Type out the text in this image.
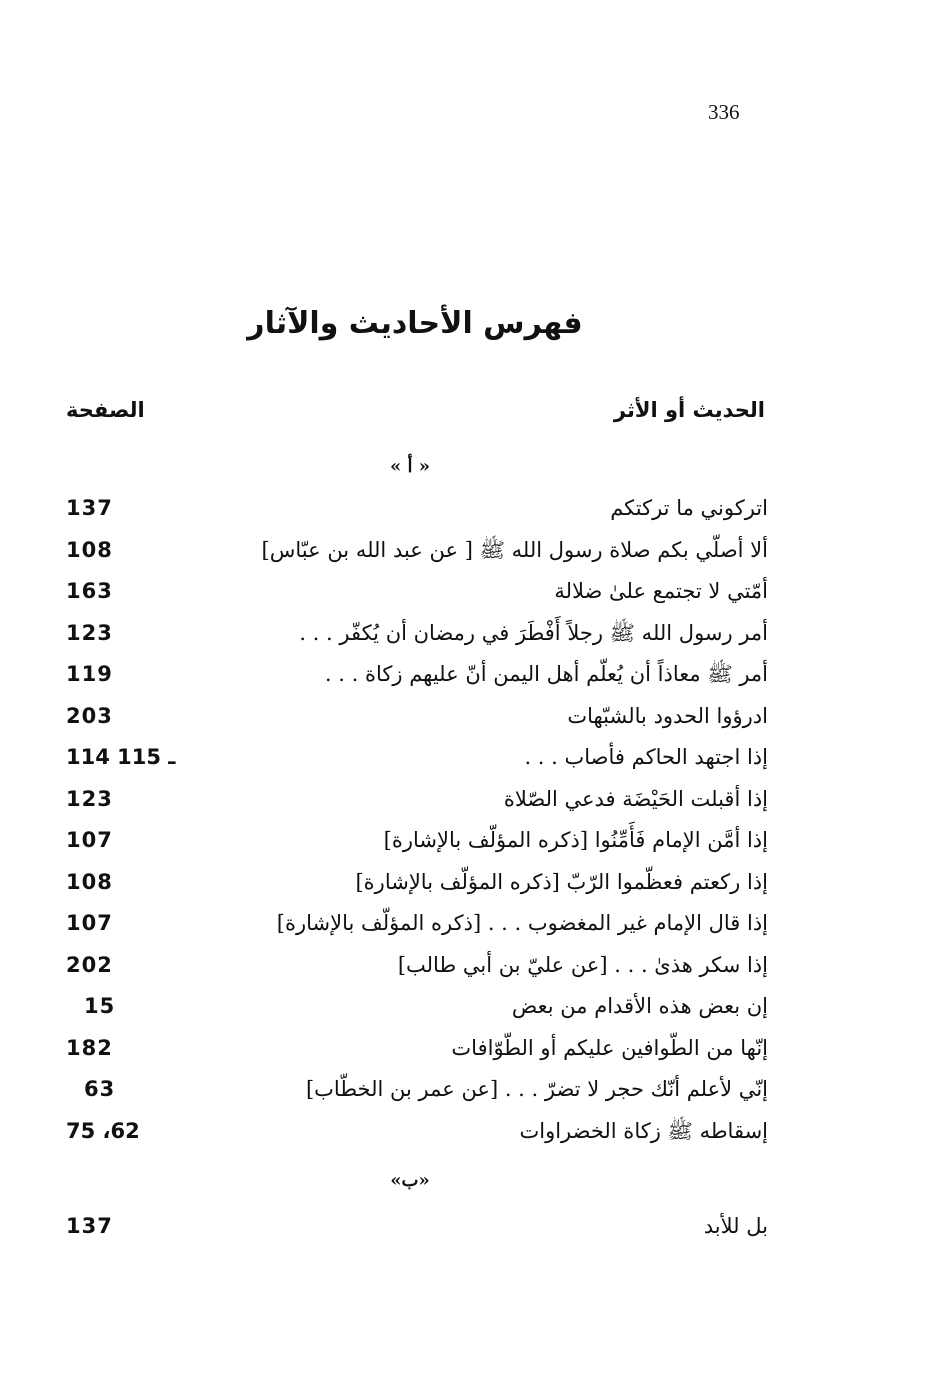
336
فهرس الأحاديث والآثار
الحديث أو الأثر
الصفحة
« أ »
اتركوني ما تركتكم
137
ألا أصلّي بكم صلاة رسول الله ﷺ [ عن عبد الله بن عبّاس]
108
أمّتي لا تجتمع علىٰ ضلالة
163
أمر رسول الله ﷺ رجلاً أَفْطَرَ في رمضان أن يُكفّر . . .
123
أمر ﷺ معاذاً أن يُعلّم أهل اليمن أنّ عليهم زكاة . . .
119
ادرؤوا الحدود بالشبّهات
203
إذا اجتهد الحاكم فأصاب . . .
114 ـ 115
إذا أقبلت الحَيْضَة فدعي الصّلاة
123
إذا أمَّن الإمام فَأَمِّنُوا [ذكره المؤلّف بالإشارة]
107
إذا ركعتم فعظّموا الرّبّ [ذكره المؤلّف بالإشارة]
108
إذا قال الإمام غير المغضوب . . . [ذكره المؤلّف بالإشارة]
107
إذا سكر هذىٰ . . . [عن عليّ بن أبي طالب]
202
إن بعض هذه الأقدام من بعض
15
إنّها من الطّوافين عليكم أو الطّوّافات
182
إنّي لأعلم أنّك حجر لا تضرّ . . . [عن عمر بن الخطّاب]
63
إسقاطه ﷺ زكاة الخضراوات
62، 75
«ب»
بل للأبد
137
